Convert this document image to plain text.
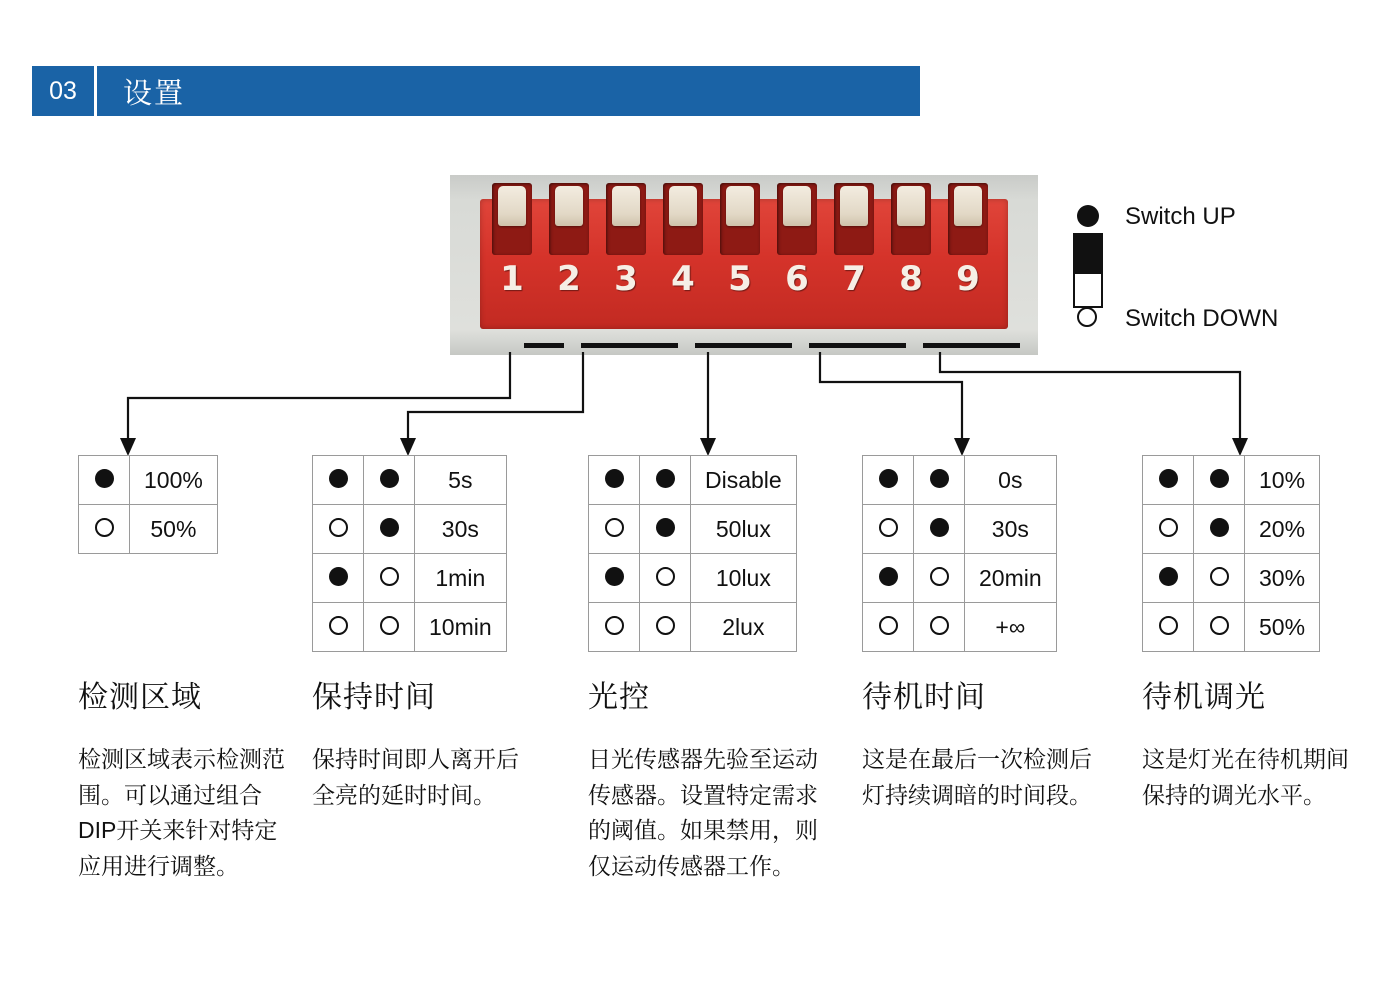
03	设置
1 2 3 4 5 6 7 8 9
Switch UP
Switch DOWN
	100%
	50%
		5s
		30s
		1min
		10min
		Disable
		50lux
		10lux
		2lux
		0s
		30s
		20min
		+∞
		10%
		20%
		30%
		50%
检测区域
检测区域表示检测范围。可以通过组合 DIP开关来针对特定应用进行调整。
保持时间
保持时间即人离开后全亮的延时时间。
光控
日光传感器先验至运动传感器。设置特定需求的阈值。如果禁用，则仅运动传感器工作。
待机时间
这是在最后一次检测后灯持续调暗的时间段。
待机调光
这是灯光在待机期间保持的调光水平。
